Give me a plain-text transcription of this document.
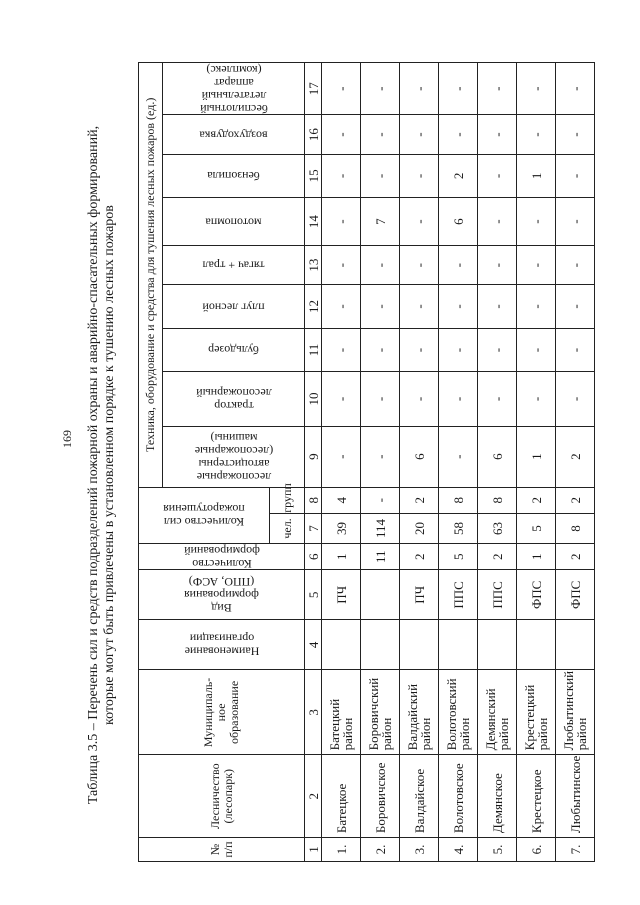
169 Таблица 3.5 – Перечень сил и средств подразделений пожарной охраны и аварийно-спасательных формирований, которые могут быть привлечены в установленном порядке к тушению лесных пожаров
№ п/п	Лесничество (лесопарк)	Муниципаль-ное образование	Наименование организации	Вид формирования (ППО, АСФ)	Количество формирований	Количество сил пожаротушения		Техника, оборудование и средства для тушения лесных пожаров (ед.)								

								лесопожарные автоцистерны (лесопожарные машины)	трактор лесопожарный	бульдозер	плуг лесной	тягач + трал	мотопомпа	бензопила	воздуходувка	беспилотный летательный аппарат (комплекс)

						чел.	групп									
1	2	3	4	5	6	7	8	9	10	11	12	13	14	15	16	17
1.	Батецкое	Батецкий район		ПЧ	1	39	4	-	-	-	-	-	-	-	-	-
2.	Боровичское	Боровичский район			11	114	-	-	-	-	-	-	7	-	-	-
3.	Валдайское	Валдайский район		ПЧ	2	20	2	6	-	-	-	-	-	-	-	-
4.	Волотовское	Волотовский район		ППС	5	58	8	-	-	-	-	-	6	2	-	-
5.	Демянское	Демянский район		ППС	2	63	8	6	-	-	-	-	-	-	-	-
6.	Крестецкое	Крестецкий район		ФПС	1	5	2	1	-	-	-	-	-	1	-	-
7.	Любытинское	Любытинский район		ФПС	2	8	2	2	-	-	-	-	-	-	-	-
